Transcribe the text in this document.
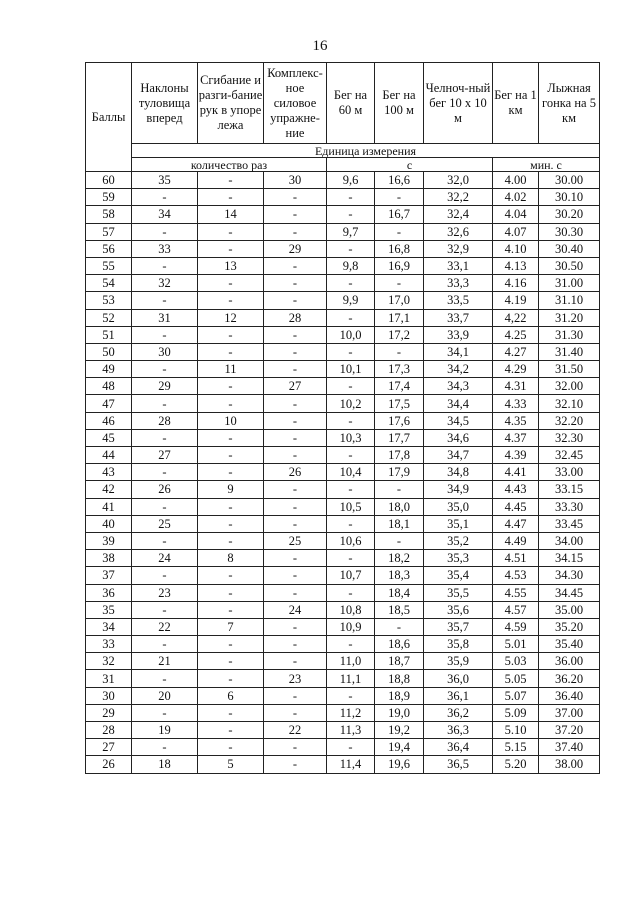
16
Баллы	Наклоны туловища вперед	Сгибание и разги-бание рук в упоре лежа	Комплекс-ное силовое упражне-ние	Бег на 60 м	Бег на 100 м	Челноч-ный бег 10 х 10 м	Бег на 1 км	Лыжная гонка на 5 км
	Единица измерения							
	количество раз			с			мин. с	
60	35	-	30	9,6	16,6	32,0	4.00	30.00
59	-	-	-	-	-	32,2	4.02	30.10
58	34	14	-	-	16,7	32,4	4.04	30.20
57	-	-	-	9,7	-	32,6	4.07	30.30
56	33	-	29	-	16,8	32,9	4.10	30.40
55	-	13	-	9,8	16,9	33,1	4.13	30.50
54	32	-	-	-	-	33,3	4.16	31.00
53	-	-	-	9,9	17,0	33,5	4.19	31.10
52	31	12	28	-	17,1	33,7	4,22	31.20
51	-	-	-	10,0	17,2	33,9	4.25	31.30
50	30	-	-	-	-	34,1	4.27	31.40
49	-	11	-	10,1	17,3	34,2	4.29	31.50
48	29	-	27	-	17,4	34,3	4.31	32.00
47	-	-	-	10,2	17,5	34,4	4.33	32.10
46	28	10	-	-	17,6	34,5	4.35	32.20
45	-	-	-	10,3	17,7	34,6	4.37	32.30
44	27	-	-	-	17,8	34,7	4.39	32.45
43	-	-	26	10,4	17,9	34,8	4.41	33.00
42	26	9	-	-	-	34,9	4.43	33.15
41	-	-	-	10,5	18,0	35,0	4.45	33.30
40	25	-	-	-	18,1	35,1	4.47	33.45
39	-	-	25	10,6	-	35,2	4.49	34.00
38	24	8	-	-	18,2	35,3	4.51	34.15
37	-	-	-	10,7	18,3	35,4	4.53	34.30
36	23	-	-	-	18,4	35,5	4.55	34.45
35	-	-	24	10,8	18,5	35,6	4.57	35.00
34	22	7	-	10,9	-	35,7	4.59	35.20
33	-	-	-	-	18,6	35,8	5.01	35.40
32	21	-	-	11,0	18,7	35,9	5.03	36.00
31	-	-	23	11,1	18,8	36,0	5.05	36.20
30	20	6	-	-	18,9	36,1	5.07	36.40
29	-	-	-	11,2	19,0	36,2	5.09	37.00
28	19	-	22	11,3	19,2	36,3	5.10	37.20
27	-	-	-	-	19,4	36,4	5.15	37.40
26	18	5	-	11,4	19,6	36,5	5.20	38.00
